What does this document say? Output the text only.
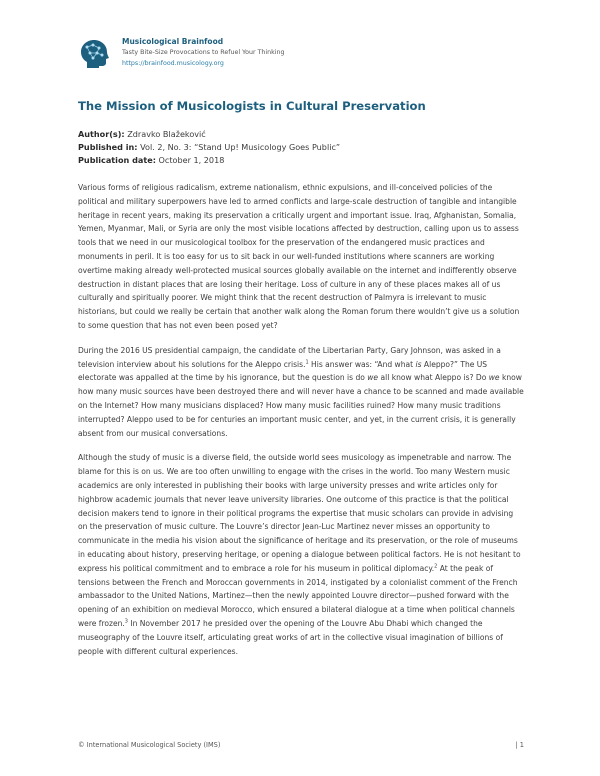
Musicological Brainfood
Tasty Bite-Size Provocations to Refuel Your Thinking
https://brainfood.musicology.org
The Mission of Musicologists in Cultural Preservation
Author(s): Zdravko Blažeković
Published in: Vol. 2, No. 3: “Stand Up! Musicology Goes Public”
Publication date: October 1, 2018

Various forms of religious radicalism, extreme nationalism, ethnic expulsions, and ill-conceived policies of the political and military superpowers have led to armed conflicts and large-scale destruction of tangible and intangible heritage in recent years, making its preservation a critically urgent and important issue. Iraq, Afghanistan, Somalia, Yemen, Myanmar, Mali, or Syria are only the most visible locations affected by destruction, calling upon us to assess tools that we need in our musicological toolbox for the preservation of the endangered music practices and monuments in peril. It is too easy for us to sit back in our well-funded institutions where scanners are working overtime making already well-protected musical sources globally available on the internet and indifferently observe destruction in distant places that are losing their heritage. Loss of culture in any of these places makes all of us culturally and spiritually poorer. We might think that the recent destruction of Palmyra is irrelevant to music historians, but could we really be certain that another walk along the Roman forum there wouldn’t give us a solution to some question that has not even been posed yet?

During the 2016 US presidential campaign, the candidate of the Libertarian Party, Gary Johnson, was asked in a television interview about his solutions for the Aleppo crisis.$^1$ His answer was: “And what is Aleppo?” The US electorate was appalled at the time by his ignorance, but the question is do we all know what Aleppo is? Do we know how many music sources have been destroyed there and will never have a chance to be scanned and made available on the Internet? How many musicians displaced? How many music facilities ruined? How many music traditions interrupted? Aleppo used to be for centuries an important music center, and yet, in the current crisis, it is generally absent from our musical conversations.

Although the study of music is a diverse field, the outside world sees musicology as impenetrable and narrow. The blame for this is on us. We are too often unwilling to engage with the crises in the world. Too many Western music academics are only interested in publishing their books with large university presses and write articles only for highbrow academic journals that never leave university libraries. One outcome of this practice is that the political decision makers tend to ignore in their political programs the expertise that music scholars can provide in advising on the preservation of music culture. The Louvre’s director Jean-Luc Martinez never misses an opportunity to communicate in the media his vision about the significance of heritage and its preservation, or the role of museums in educating about history, preserving heritage, or opening a dialogue between political factors. He is not hesitant to express his political commitment and to embrace a role for his museum in political diplomacy.$^2$ At the peak of tensions between the French and Moroccan governments in 2014, instigated by a colonialist comment of the French ambassador to the United Nations, Martinez—then the newly appointed Louvre director—pushed forward with the opening of an exhibition on medieval Morocco, which ensured a bilateral dialogue at a time when political channels were frozen.$^3$ In November 2017 he presided over the opening of the Louvre Abu Dhabi which changed the museography of the Louvre itself, articulating great works of art in the collective visual imagination of billions of people with different cultural experiences.

© International Musicological Society (IMS)	| 1
